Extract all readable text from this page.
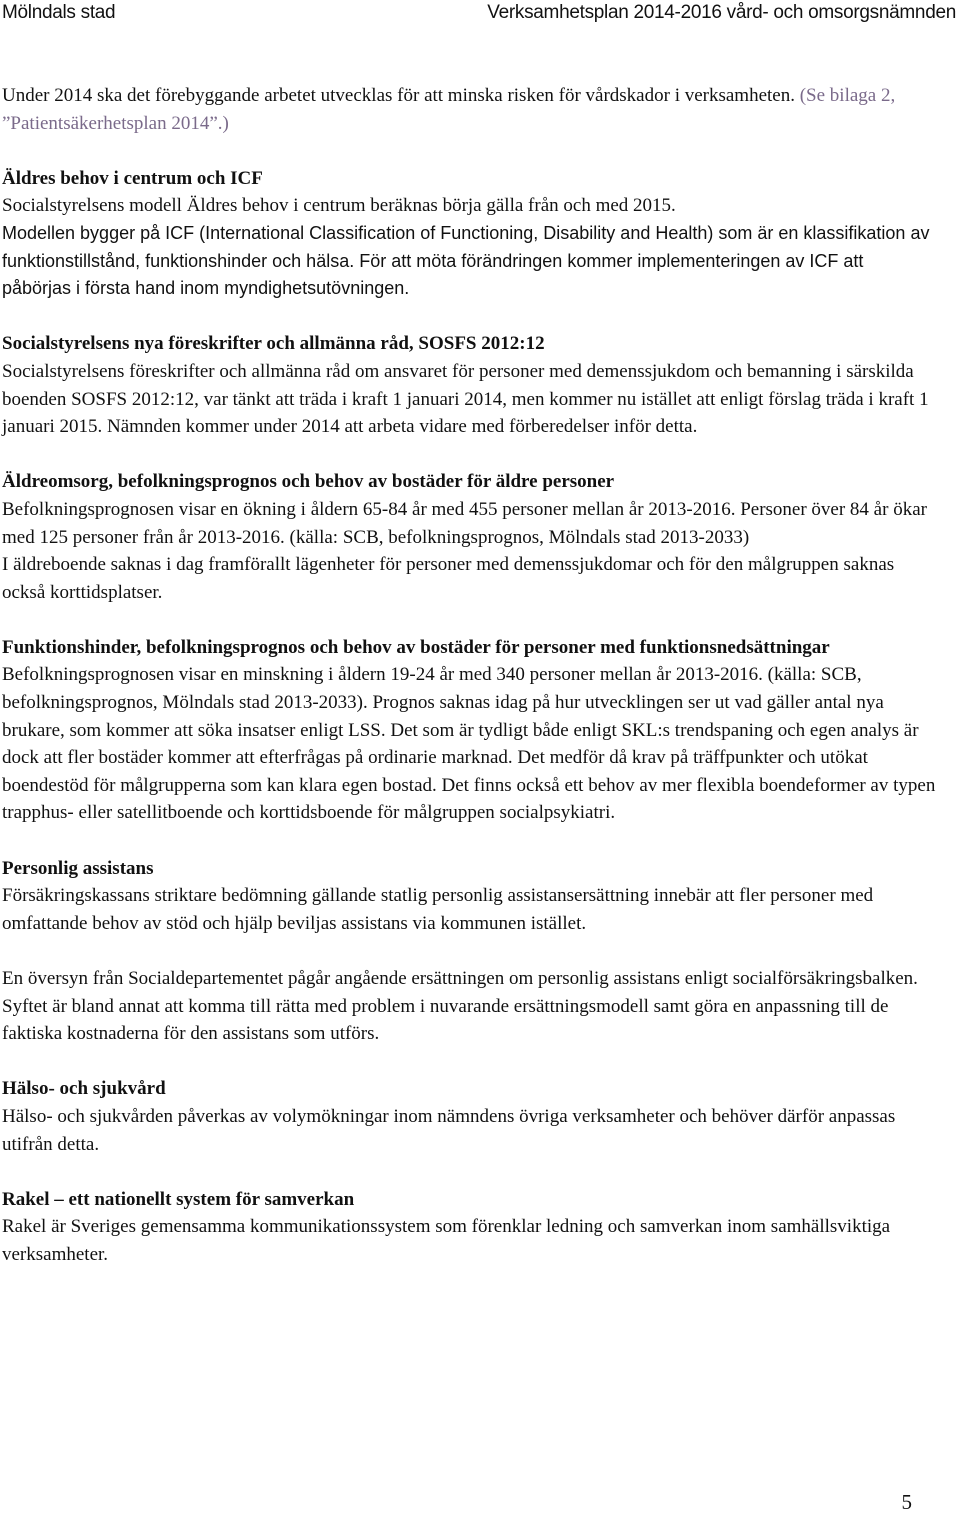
Mölndals stad	Verksamhetsplan 2014-2016 vård- och omsorgsnämnden

Under 2014 ska det förebyggande arbetet utvecklas för att minska risken för vårdskador i verksamheten. (Se bilaga 2, ”Patientsäkerhetsplan 2014”.)

Äldres behov i centrum och ICF

Socialstyrelsens modell Äldres behov i centrum beräknas börja gälla från och med 2015.

Modellen bygger på ICF (International Classification of Functioning, Disability and Health) som är en klassifikation av funktionstillstånd, funktionshinder och hälsa. För att möta förändringen kommer implementeringen av ICF att påbörjas i första hand inom myndighetsutövningen.

Socialstyrelsens nya föreskrifter och allmänna råd, SOSFS 2012:12

Socialstyrelsens föreskrifter och allmänna råd om ansvaret för personer med demenssjukdom och bemanning i särskilda boenden SOSFS 2012:12, var tänkt att träda i kraft 1 januari 2014, men kommer nu istället att enligt förslag träda i kraft 1 januari 2015. Nämnden kommer under 2014 att arbeta vidare med förberedelser inför detta.

Äldreomsorg, befolkningsprognos och behov av bostäder för äldre personer

Befolkningsprognosen visar en ökning i åldern 65-84 år med 455 personer mellan år 2013-2016. Personer över 84 år ökar med 125 personer från år 2013-2016. (källa: SCB, befolkningsprognos, Mölndals stad 2013-2033)

I äldreboende saknas i dag framförallt lägenheter för personer med demenssjukdomar och för den målgruppen saknas också korttidsplatser.

Funktionshinder, befolkningsprognos och behov av bostäder för personer med funktionsnedsättningar

Befolkningsprognosen visar en minskning i åldern 19-24 år med 340 personer mellan år 2013-2016. (källa: SCB, befolkningsprognos, Mölndals stad 2013-2033). Prognos saknas idag på hur utvecklingen ser ut vad gäller antal nya brukare, som kommer att söka insatser enligt LSS. Det som är tydligt både enligt SKL:s trendspaning och egen analys är dock att fler bostäder kommer att efterfrågas på ordinarie marknad. Det medför då krav på träffpunkter och utökat boendestöd för målgrupperna som kan klara egen bostad. Det finns också ett behov av mer flexibla boendeformer av typen trapphus- eller satellitboende och korttidsboende för målgruppen socialpsykiatri.

Personlig assistans

Försäkringskassans striktare bedömning gällande statlig personlig assistansersättning innebär att fler personer med omfattande behov av stöd och hjälp beviljas assistans via kommunen istället.

En översyn från Socialdepartementet pågår angående ersättningen om personlig assistans enligt socialförsäkringsbalken. Syftet är bland annat att komma till rätta med problem i nuvarande ersättningsmodell samt göra en anpassning till de faktiska kostnaderna för den assistans som utförs.

Hälso- och sjukvård

Hälso- och sjukvården påverkas av volymökningar inom nämndens övriga verksamheter och behöver därför anpassas utifrån detta.

Rakel – ett nationellt system för samverkan

Rakel är Sveriges gemensamma kommunikationssystem som förenklar ledning och samverkan inom samhällsviktiga verksamheter.

5
